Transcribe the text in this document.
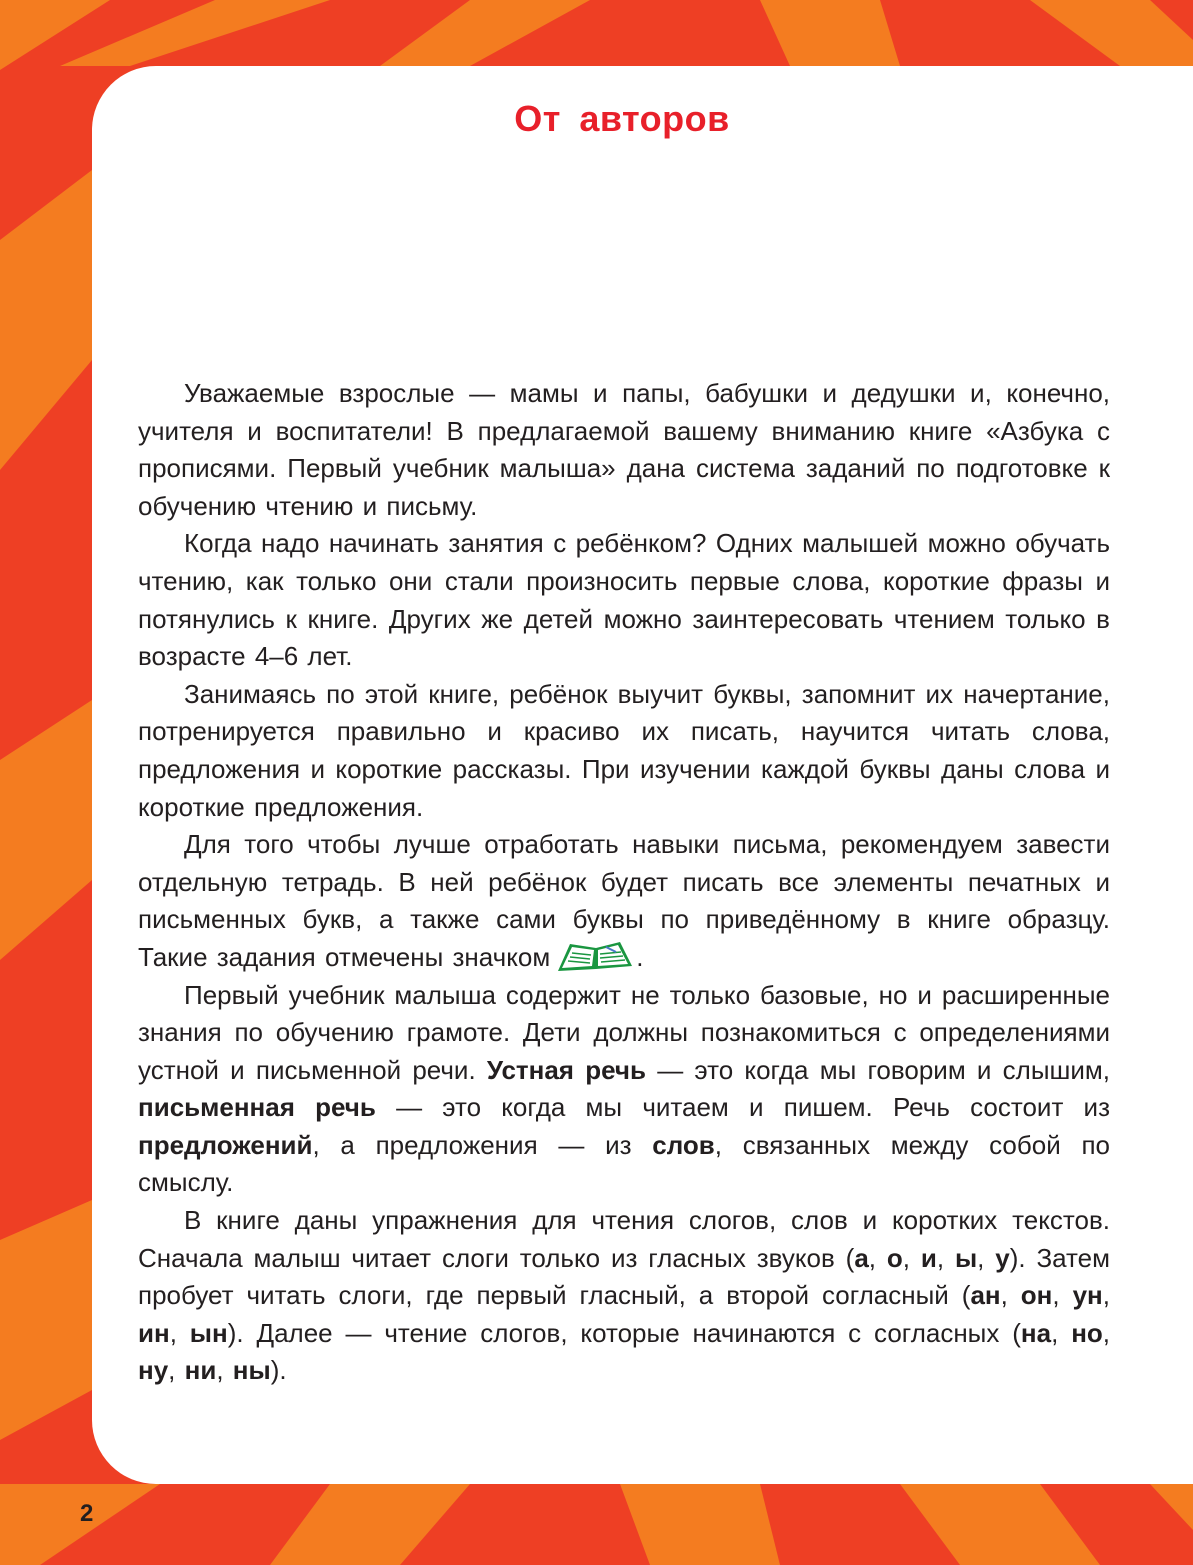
От авторов

Уважаемые взрослые — мамы и папы, бабушки и дедушки и, конечно, учителя и воспитатели! В предлагаемой вашему вниманию книге «Азбука с прописями. Первый учебник малыша» дана система заданий по подготовке к обучению чтению и письму.

Когда надо начинать занятия с ребёнком? Одних малышей можно обучать чтению, как только они стали произносить первые слова, короткие фразы и потянулись к книге. Других же детей можно заинтересовать чтением только в возрасте 4–6 лет.

Занимаясь по этой книге, ребёнок выучит буквы, запомнит их начертание, потренируется правильно и красиво их писать, научится читать слова, предложения и короткие рассказы. При изучении каждой буквы даны слова и короткие предложения.

Для того чтобы лучше отработать навыки письма, рекомендуем завести отдельную тетрадь. В ней ребёнок будет писать все элементы печатных и письменных букв, а также сами буквы по приведённому в книге образцу. Такие задания отмечены значком	.

Первый учебник малыша содержит не только базовые, но и расширенные знания по обучению грамоте. Дети должны познакомиться с определениями устной и письменной речи. Устная речь — это когда мы говорим и слышим, письменная речь — это когда мы читаем и пишем. Речь состоит из предложений, а предложения — из слов, связанных между собой по смыслу.

В книге даны упражнения для чтения слогов, слов и коротких текстов. Сначала малыш читает слоги только из гласных звуков (а, о, и, ы, у). Затем пробует читать слоги, где первый гласный, а второй согласный (ан, он, ун, ин, ын). Далее — чтение слогов, которые начинаются с согласных (на, но, ну, ни, ны).

2
